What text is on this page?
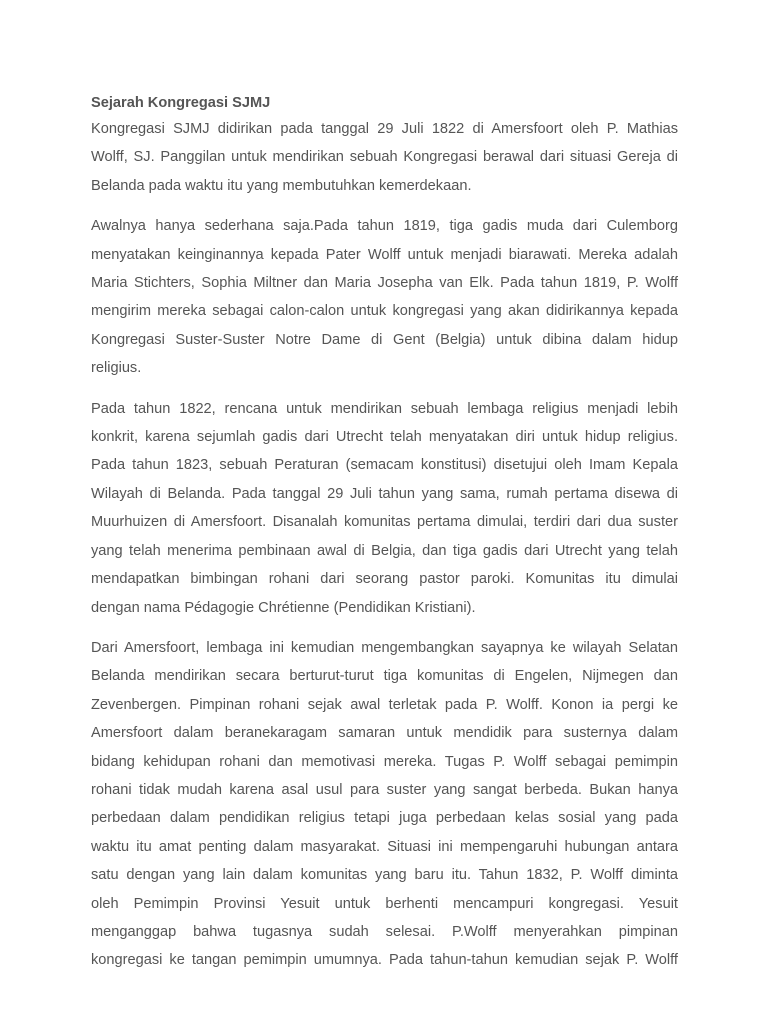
Sejarah Kongregasi SJMJ

Kongregasi SJMJ didirikan pada tanggal 29 Juli 1822 di Amersfoort oleh P. Mathias
Wolff, SJ. Panggilan untuk mendirikan sebuah Kongregasi berawal dari situasi Gereja di
Belanda pada waktu itu yang membutuhkan kemerdekaan.

Awalnya hanya sederhana saja.Pada tahun 1819, tiga gadis muda dari Culemborg
menyatakan keinginannya kepada Pater Wolff untuk menjadi biarawati. Mereka adalah
Maria Stichters, Sophia Miltner dan Maria Josepha van Elk. Pada tahun 1819, P. Wolff
mengirim mereka sebagai calon-calon untuk kongregasi yang akan didirikannya kepada
Kongregasi Suster-Suster Notre Dame di Gent (Belgia) untuk dibina dalam hidup
religius.

Pada tahun 1822, rencana untuk mendirikan sebuah lembaga religius menjadi lebih
konkrit, karena sejumlah gadis dari Utrecht telah menyatakan diri untuk hidup religius.
Pada tahun 1823, sebuah Peraturan (semacam konstitusi) disetujui oleh Imam Kepala
Wilayah di Belanda. Pada tanggal 29 Juli tahun yang sama, rumah pertama disewa di
Muurhuizen di Amersfoort. Disanalah komunitas pertama dimulai, terdiri dari dua suster
yang telah menerima pembinaan awal di Belgia, dan tiga gadis dari Utrecht yang telah
mendapatkan bimbingan rohani dari seorang pastor paroki. Komunitas itu dimulai
dengan nama Pédagogie Chrétienne (Pendidikan Kristiani).

Dari Amersfoort, lembaga ini kemudian mengembangkan sayapnya ke wilayah Selatan
Belanda mendirikan secara berturut-turut tiga komunitas di Engelen, Nijmegen dan
Zevenbergen. Pimpinan rohani sejak awal terletak pada P. Wolff. Konon ia pergi ke
Amersfoort dalam beranekaragam samaran untuk mendidik para susternya dalam
bidang kehidupan rohani dan memotivasi mereka. Tugas P. Wolff sebagai pemimpin
rohani tidak mudah karena asal usul para suster yang sangat berbeda. Bukan hanya
perbedaan dalam pendidikan religius tetapi juga perbedaan kelas sosial yang pada
waktu itu amat penting dalam masyarakat. Situasi ini mempengaruhi hubungan antara
satu dengan yang lain dalam komunitas yang baru itu. Tahun 1832, P. Wolff diminta
oleh Pemimpin Provinsi Yesuit untuk berhenti mencampuri kongregasi. Yesuit
menganggap bahwa tugasnya sudah selesai. P.Wolff menyerahkan pimpinan
kongregasi ke tangan pemimpin umumnya. Pada tahun-tahun kemudian sejak P. Wolff
